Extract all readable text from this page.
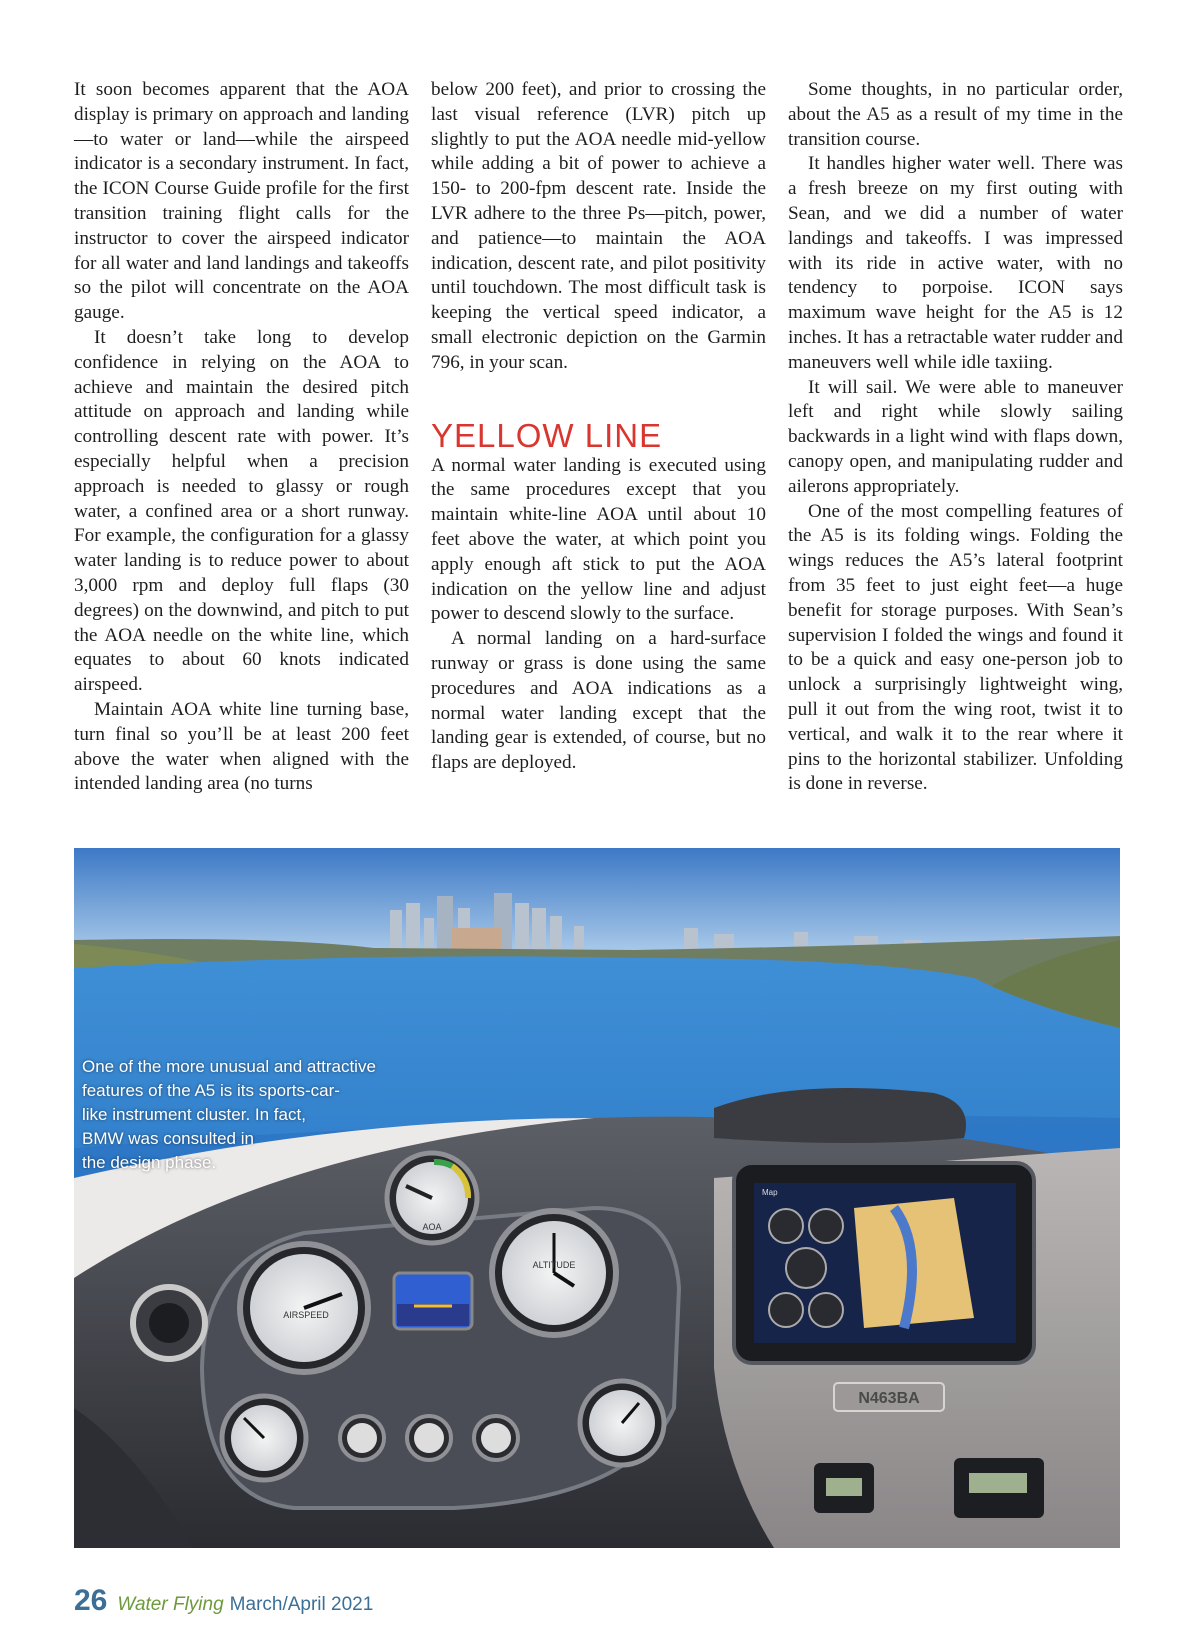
It soon becomes apparent that the AOA display is primary on approach and landing—to water or land—while the airspeed indicator is a secondary instrument. In fact, the ICON Course Guide profile for the first transition training flight calls for the instructor to cover the airspeed indicator for all water and land landings and takeoffs so the pilot will concentrate on the AOA gauge.

It doesn’t take long to develop confidence in relying on the AOA to achieve and maintain the desired pitch attitude on approach and landing while controlling descent rate with power. It’s especially helpful when a precision approach is needed to glassy or rough water, a confined area or a short runway. For example, the configuration for a glassy water landing is to reduce power to about 3,000 rpm and deploy full flaps (30 degrees) on the downwind, and pitch to put the AOA needle on the white line, which equates to about 60 knots indicated airspeed.

Maintain AOA white line turning base, turn final so you’ll be at least 200 feet above the water when aligned with the intended landing area (no turns

below 200 feet), and prior to crossing the last visual reference (LVR) pitch up slightly to put the AOA needle mid-yellow while adding a bit of power to achieve a 150- to 200-fpm descent rate. Inside the LVR adhere to the three Ps—pitch, power, and patience—to maintain the AOA indication, descent rate, and pilot positivity until touchdown. The most difficult task is keeping the vertical speed indicator, a small electronic depiction on the Garmin 796, in your scan.

YELLOW LINE

A normal water landing is executed using the same procedures except that you maintain white-line AOA until about 10 feet above the water, at which point you apply enough aft stick to put the AOA indication on the yellow line and adjust power to descend slowly to the surface.

A normal landing on a hard-surface runway or grass is done using the same procedures and AOA indications as a normal water landing except that the landing gear is extended, of course, but no flaps are deployed.

Some thoughts, in no particular order, about the A5 as a result of my time in the transition course.

It handles higher water well. There was a fresh breeze on my first outing with Sean, and we did a number of water landings and takeoffs. I was impressed with its ride in active water, with no tendency to porpoise. ICON says maximum wave height for the A5 is 12 inches. It has a retractable water rudder and maneuvers well while idle taxiing.

It will sail. We were able to maneuver left and right while slowly sailing backwards in a light wind with flaps down, canopy open, and manipulating rudder and ailerons appropriately.

One of the most compelling features of the A5 is its folding wings. Folding the wings reduces the A5’s lateral footprint from 35 feet to just eight feet—a huge benefit for storage purposes. With Sean’s supervision I folded the wings and found it to be a quick and easy one-person job to unlock a surprisingly lightweight wing, pull it out from the wing root, twist it to vertical, and walk it to the rear where it pins to the horizontal stabilizer. Unfolding is done in reverse.

AOA
AIRSPEED
ALTITUDE
Map
N463BA
One of the more unusual and attractive
features of the A5 is its sports-car-
like instrument cluster. In fact,
BMW was consulted in
the design phase.
26 Water Flying March/April 2021
